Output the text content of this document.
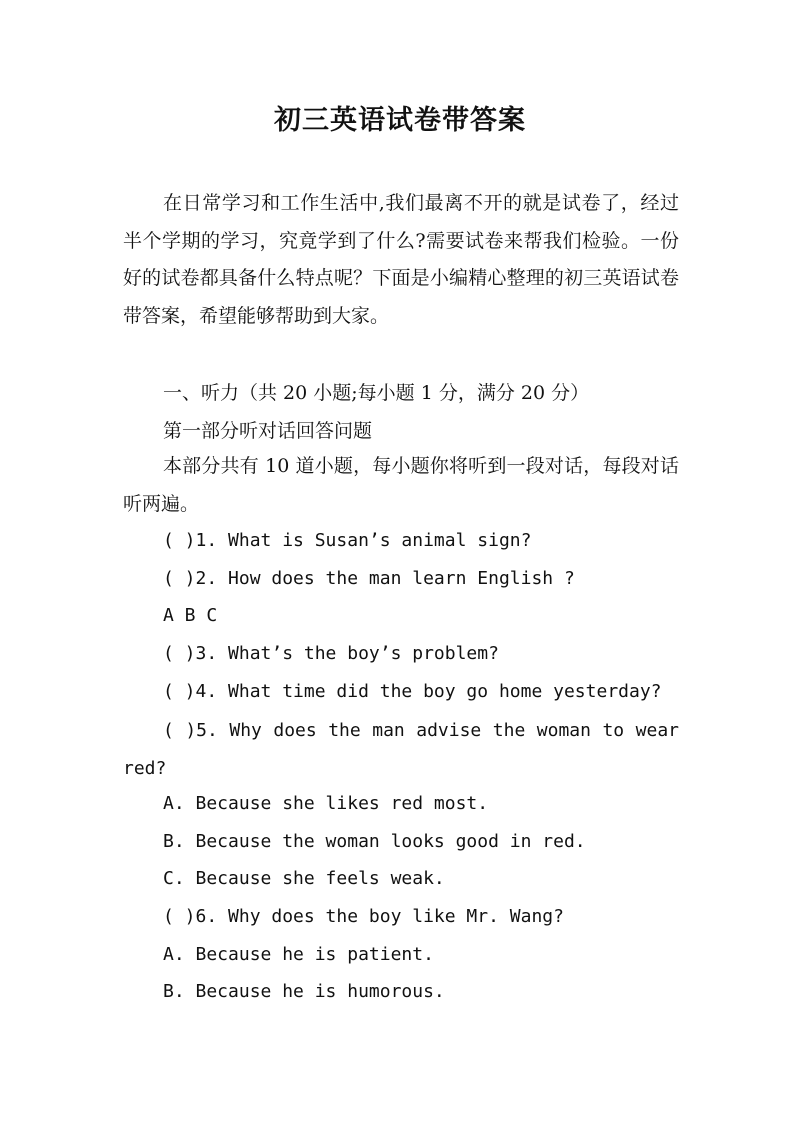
初三英语试卷带答案

在日常学习和工作生活中,我们最离不开的就是试卷了，经过半个学期的学习，究竟学到了什么?需要试卷来帮我们检验。一份好的试卷都具备什么特点呢？下面是小编精心整理的初三英语试卷带答案，希望能够帮助到大家。

一、听力（共 20 小题;每小题 1 分，满分 20 分）

第一部分听对话回答问题

本部分共有 10 道小题，每小题你将听到一段对话，每段对话听两遍。

( )1. What is Susan’s animal sign?

( )2. How does the man learn English ?

A B C

( )3. What’s the boy’s problem?

( )4. What time did the boy go home yesterday?

( )5. Why does the man advise the woman to wear red?

A. Because she likes red most.

B. Because the woman looks good in red.

C. Because she feels weak.

( )6. Why does the boy like Mr. Wang?

A. Because he is patient.

B. Because he is humorous.
